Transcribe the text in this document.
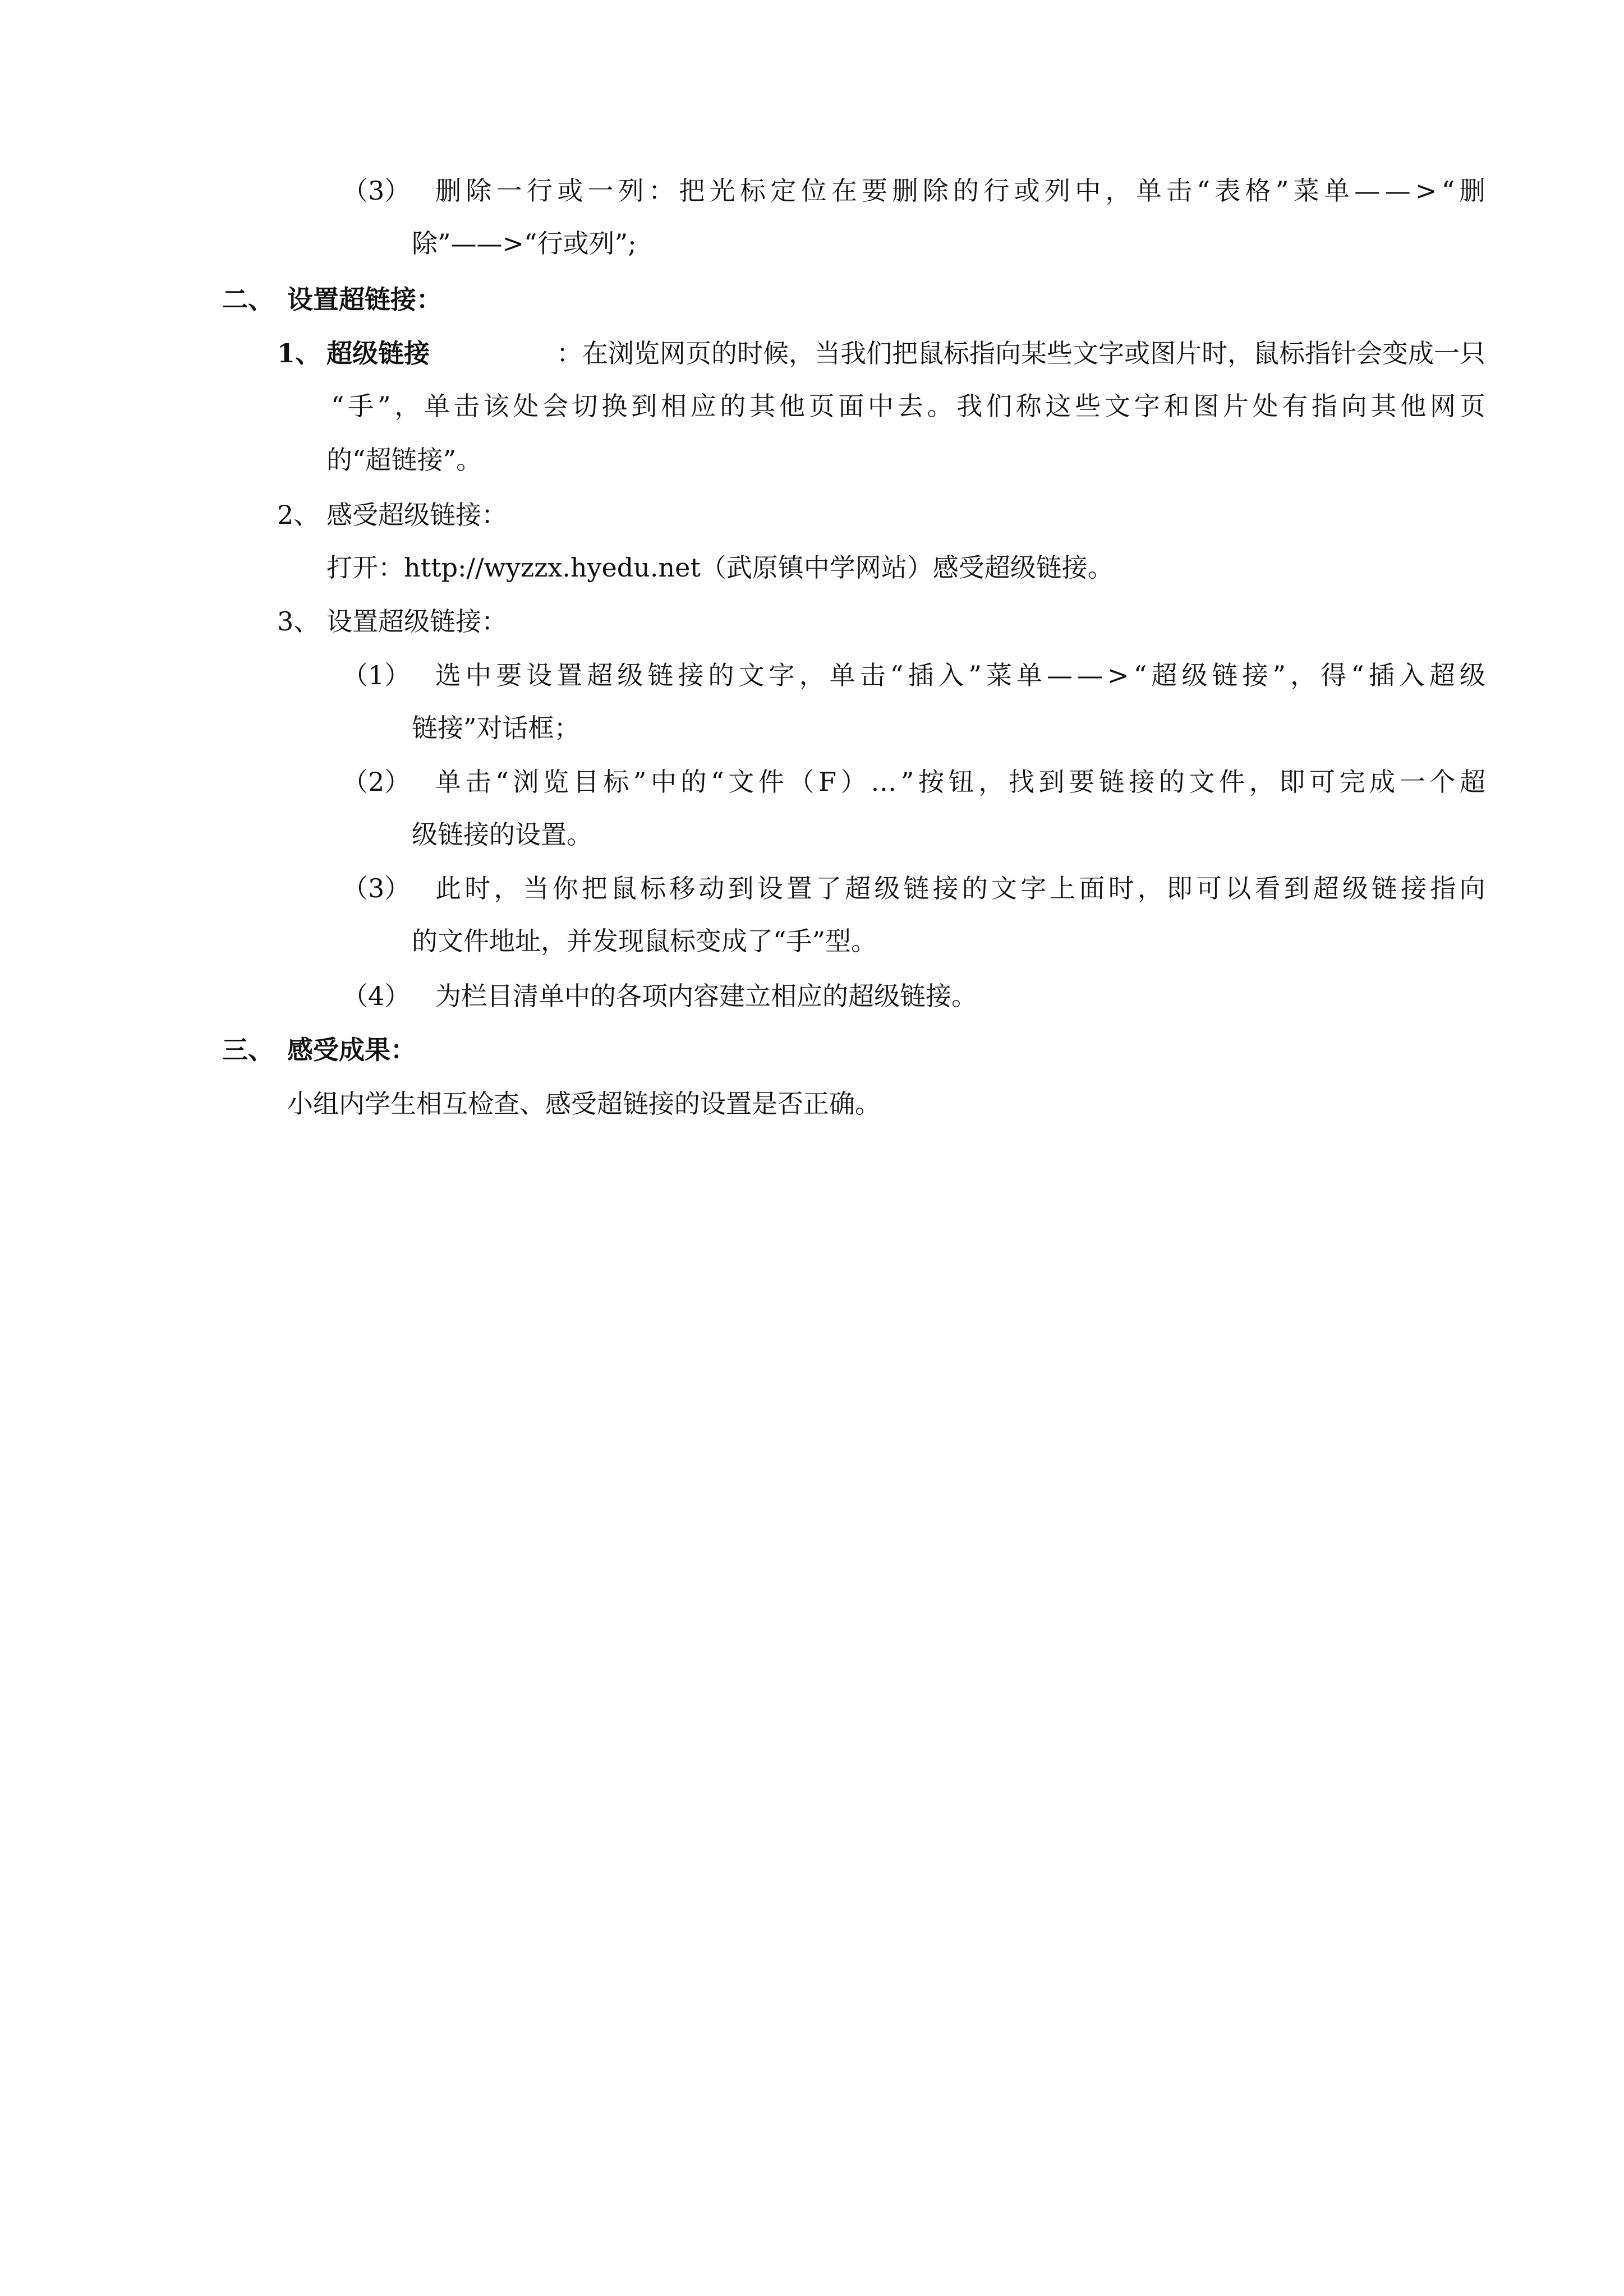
（3） 删 除 一 行 或 一 列 ： 把 光 标 定 位 在 要 删 除 的 行 或 列 中 ， 单 击 “ 表 格 ” 菜 单 — — > “ 删
除”——>“行或列”;
二、 设置超链接：
1、 超级链接	：在浏览网页的时候，当我们把鼠标指向某些文字或图片时，鼠标指针会变成一只
“ 手 ” ， 单 击 该 处 会 切 换 到 相 应 的 其 他 页 面 中 去 。 我 们 称 这 些 文 字 和 图 片 处 有 指 向 其 他 网 页
的“超链接”。
2、 感受超级链接：
打开：http://wyzzx.hyedu.net（武原镇中学网站）感受超级链接。
3、 设置超级链接：
（1） 选 中 要 设 置 超 级 链 接 的 文 字 ， 单 击 “ 插 入 ” 菜 单 — — > “ 超 级 链 接 ” ， 得 “ 插 入 超 级
链接”对话框；
（2） 单 击 “ 浏 览 目 标 ” 中 的 “ 文 件 （ F ） … ” 按 钮 ， 找 到 要 链 接 的 文 件 ， 即 可 完 成 一 个 超
级链接的设置。
（3） 此 时 ， 当 你 把 鼠 标 移 动 到 设 置 了 超 级 链 接 的 文 字 上 面 时 ， 即 可 以 看 到 超 级 链 接 指 向
的文件地址，并发现鼠标变成了“手”型。
（4） 为栏目清单中的各项内容建立相应的超级链接。
三、 感受成果：
小组内学生相互检查、感受超链接的设置是否正确。
